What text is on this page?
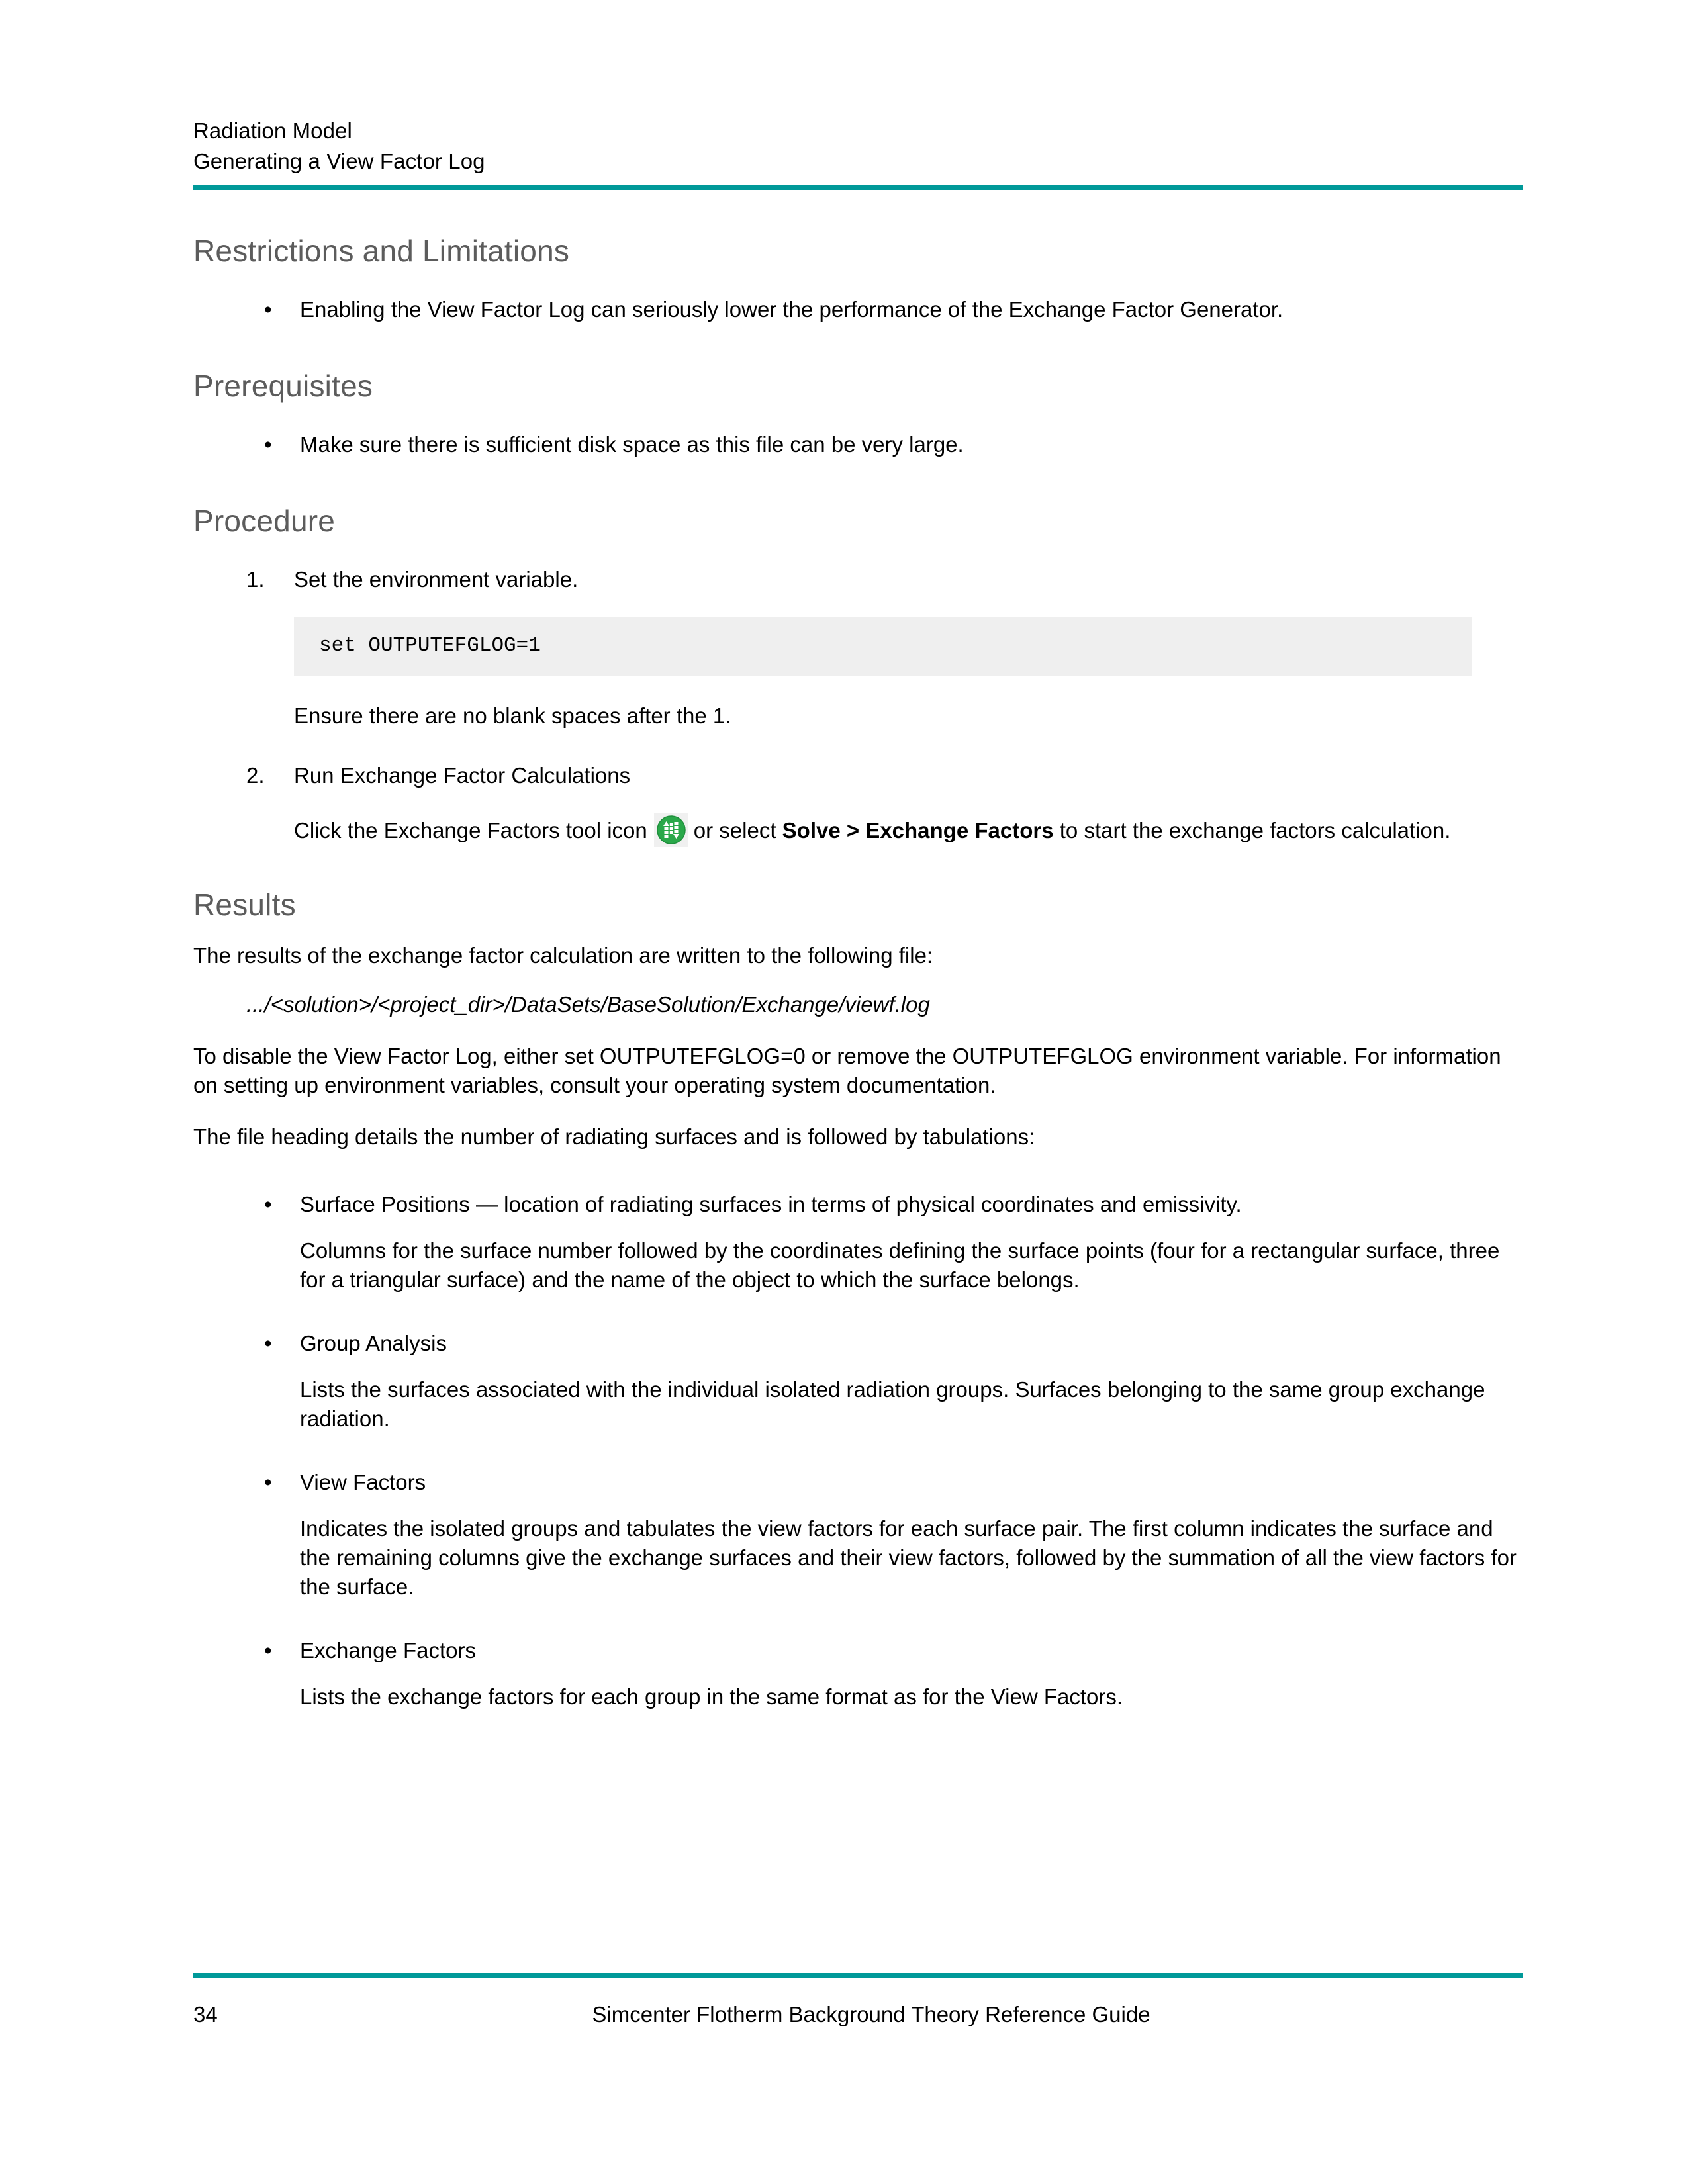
Radiation Model
Generating a View Factor Log
Restrictions and Limitations
• Enabling the View Factor Log can seriously lower the performance of the Exchange Factor Generator.
Prerequisites
• Make sure there is sufficient disk space as this file can be very large.
Procedure
1.	Set the environment variable.
set OUTPUTEFGLOG=1
Ensure there are no blank spaces after the 1.
2.	Run Exchange Factor Calculations
Click the Exchange Factors tool icon or select Solve > Exchange Factors to start the exchange factors calculation.
Results

The results of the exchange factor calculation are written to the following file:

.../<solution>/<project_dir>/DataSets/BaseSolution/Exchange/viewf.log

To disable the View Factor Log, either set OUTPUTEFGLOG=0 or remove the OUTPUTEFGLOG environment variable. For information on setting up environment variables, consult your operating system documentation.

The file heading details the number of radiating surfaces and is followed by tabulations:

• Surface Positions — location of radiating surfaces in terms of physical coordinates and emissivity.
Columns for the surface number followed by the coordinates defining the surface points (four for a rectangular surface, three for a triangular surface) and the name of the object to which the surface belongs.
• Group Analysis
Lists the surfaces associated with the individual isolated radiation groups. Surfaces belonging to the same group exchange radiation.
• View Factors
Indicates the isolated groups and tabulates the view factors for each surface pair. The first column indicates the surface and the remaining columns give the exchange surfaces and their view factors, followed by the summation of all the view factors for the surface.
• Exchange Factors
Lists the exchange factors for each group in the same format as for the View Factors.
34	Simcenter Flotherm Background Theory Reference Guide
